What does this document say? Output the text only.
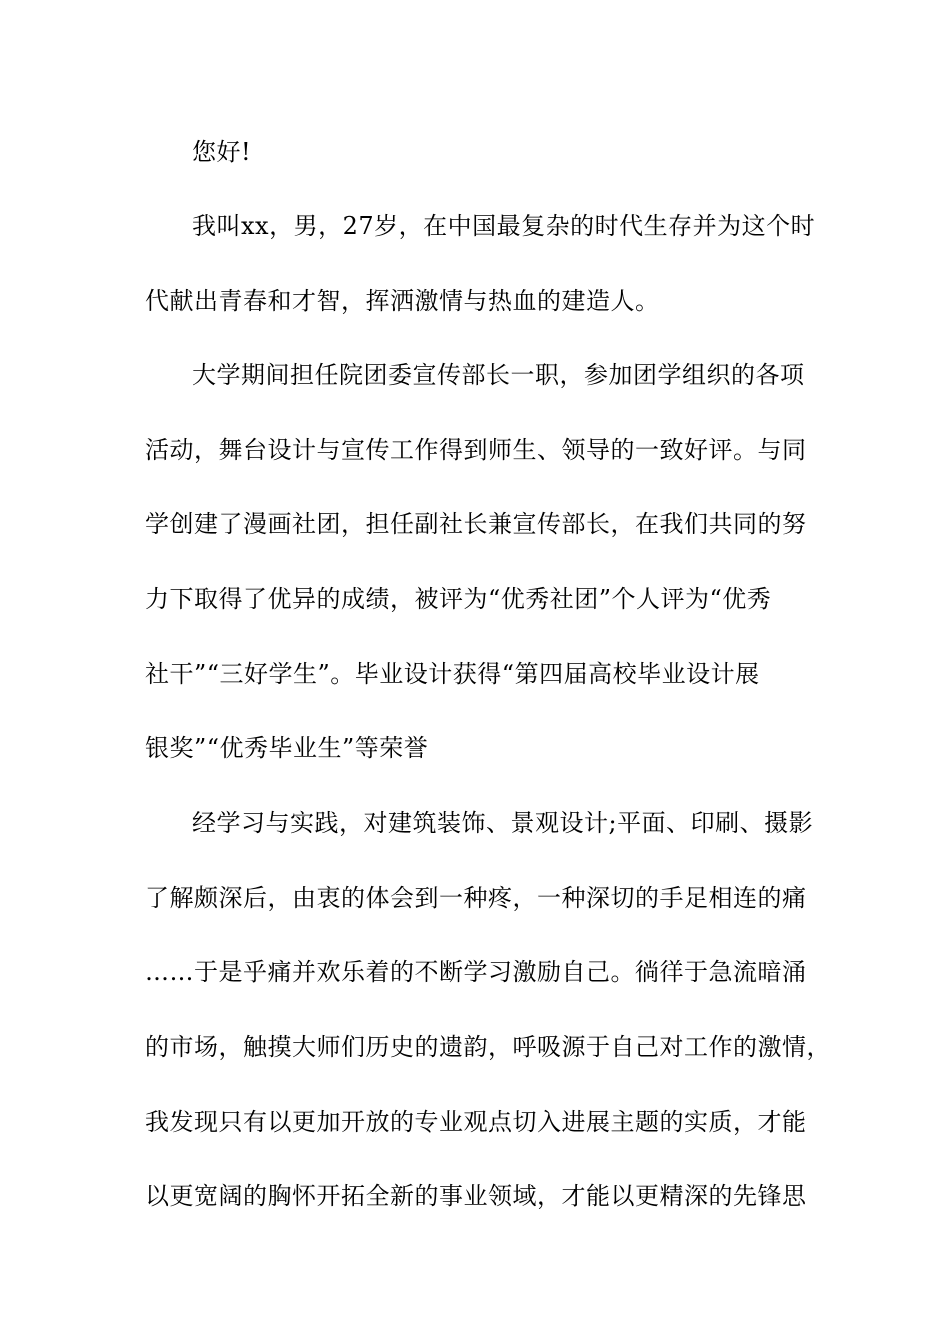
您好!
我叫xx，男，27岁，在中国最复杂的时代生存并为这个时
代献出青春和才智，挥洒激情与热血的建造人。
大学期间担任院团委宣传部长一职，参加团学组织的各项
活动，舞台设计与宣传工作得到师生、领导的一致好评。与同
学创建了漫画社团，担任副社长兼宣传部长，在我们共同的努
力下取得了优异的成绩，被评为“优秀社团”个人评为“优秀
社干”“三好学生”。毕业设计获得“第四届高校毕业设计展
银奖”“优秀毕业生”等荣誉
经学习与实践，对建筑装饰、景观设计;平面、印刷、摄影
了解颇深后，由衷的体会到一种疼，一种深切的手足相连的痛
……于是乎痛并欢乐着的不断学习激励自己。徜徉于急流暗涌
的市场，触摸大师们历史的遗韵，呼吸源于自己对工作的激情，
我发现只有以更加开放的专业观点切入进展主题的实质，才能
以更宽阔的胸怀开拓全新的事业领域，才能以更精深的先锋思
